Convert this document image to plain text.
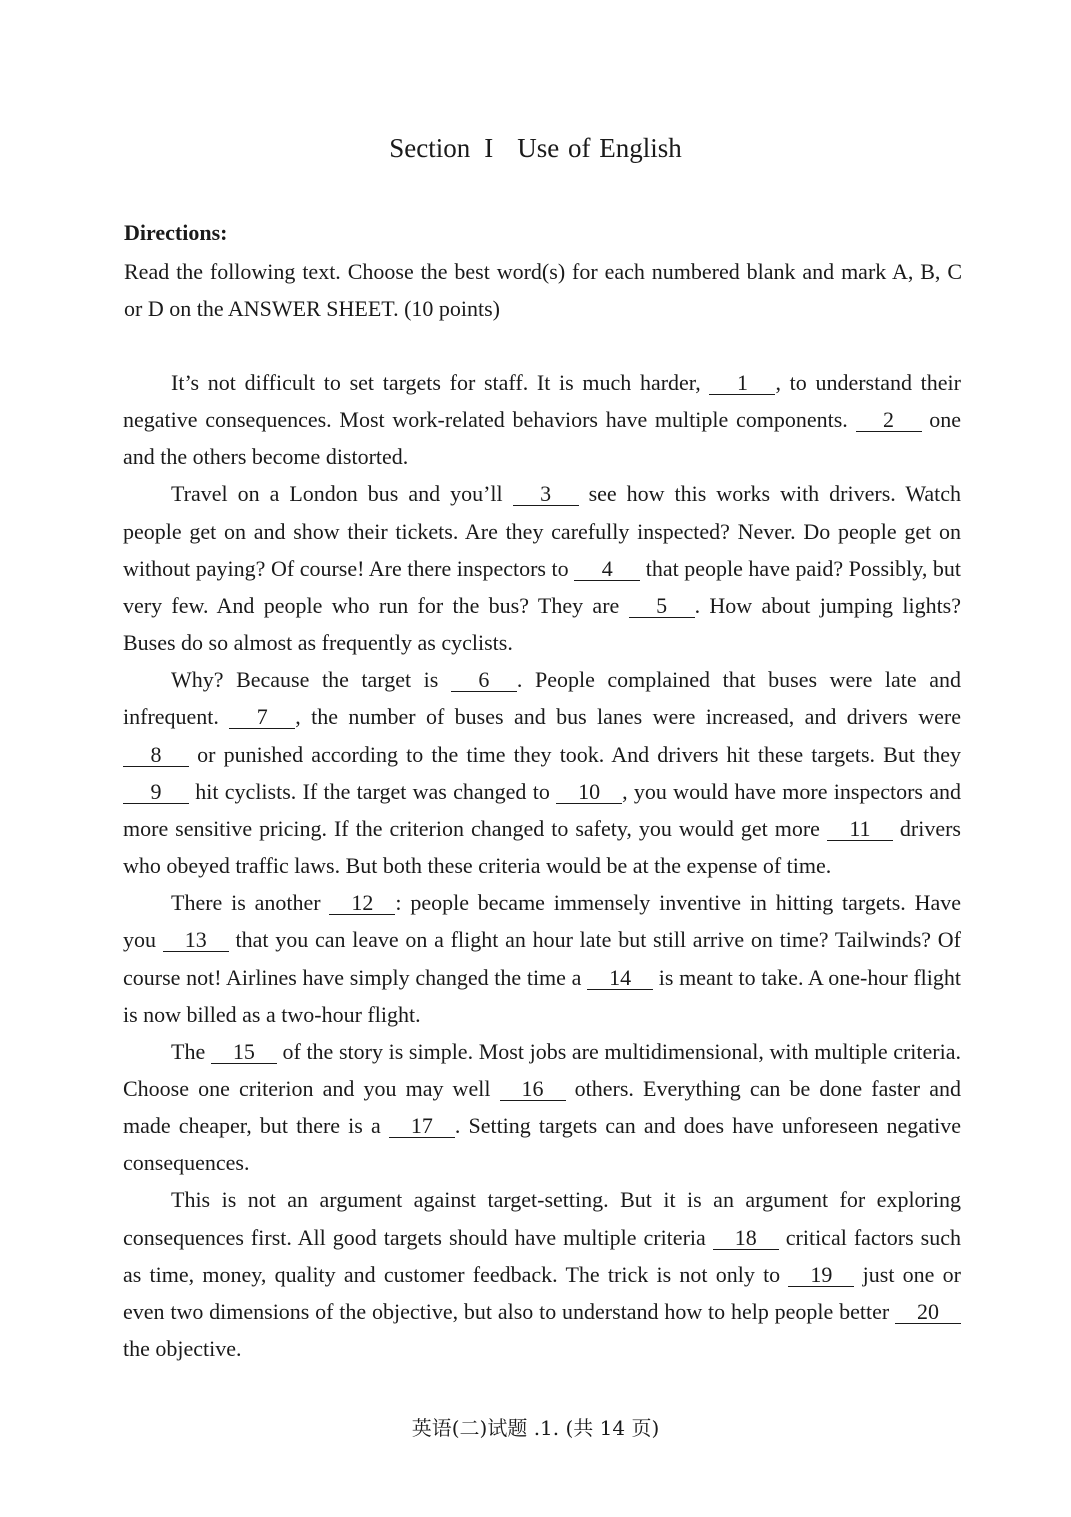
Section I Use of English
Directions:
Read the following text. Choose the best word(s) for each numbered blank and mark A, B, C or D on the ANSWER SHEET. (10 points)

It’s not difficult to set targets for staff. It is much harder, 1 , to understand their negative consequences. Most work-related behaviors have multiple components. 2 one and the others become distorted.

Travel on a London bus and you’ll 3 see how this works with drivers. Watch people get on and show their tickets. Are they carefully inspected? Never. Do people get on without paying? Of course! Are there inspectors to 4 that people have paid? Possibly, but very few. And people who run for the bus? They are 5 . How about jumping lights? Buses do so almost as frequently as cyclists.

Why? Because the target is 6 . People complained that buses were late and infrequent. 7 , the number of buses and bus lanes were increased, and drivers were 8 or punished according to the time they took. And drivers hit these targets. But they 9 hit cyclists. If the target was changed to 10 , you would have more inspectors and more sensitive pricing. If the criterion changed to safety, you would get more 11 drivers who obeyed traffic laws. But both these criteria would be at the expense of time.

There is another 12 : people became immensely inventive in hitting targets. Have you 13 that you can leave on a flight an hour late but still arrive on time? Tailwinds? Of course not! Airlines have simply changed the time a 14 is meant to take. A one-hour flight is now billed as a two-hour flight.

The 15 of the story is simple. Most jobs are multidimensional, with multiple criteria. Choose one criterion and you may well 16 others. Everything can be done faster and made cheaper, but there is a 17 . Setting targets can and does have unforeseen negative consequences.

This is not an argument against target-setting. But it is an argument for exploring consequences first. All good targets should have multiple criteria 18 critical factors such as time, money, quality and customer feedback. The trick is not only to 19 just one or even two dimensions of the objective, but also to understand how to help people better 20 the objective.

英语(二)试题 .1. (共 14 页)
